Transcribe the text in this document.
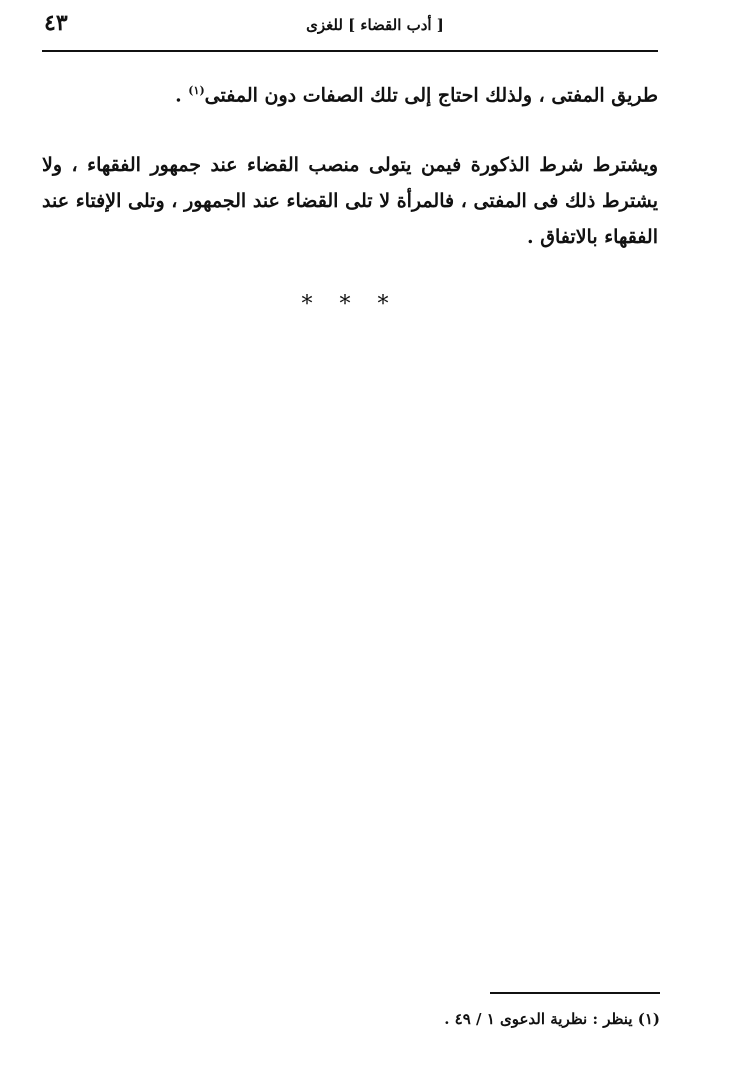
[ أدب القضاء ] للغزى
٤٣

طريق المفتى ، ولذلك احتاج إلى تلك الصفات دون المفتى$^{(١)}$ .

ويشترط شرط الذكورة فيمن يتولى منصب القضاء عند جمهور الفقهاء ، ولا يشترط ذلك فى المفتى ، فالمرأة لا تلى القضاء عند الجمهور ، وتلى الإفتاء عند الفقهاء بالاتفاق .

* * *
(١) ينظر : نظرية الدعوى ١ / ٤٩ .
